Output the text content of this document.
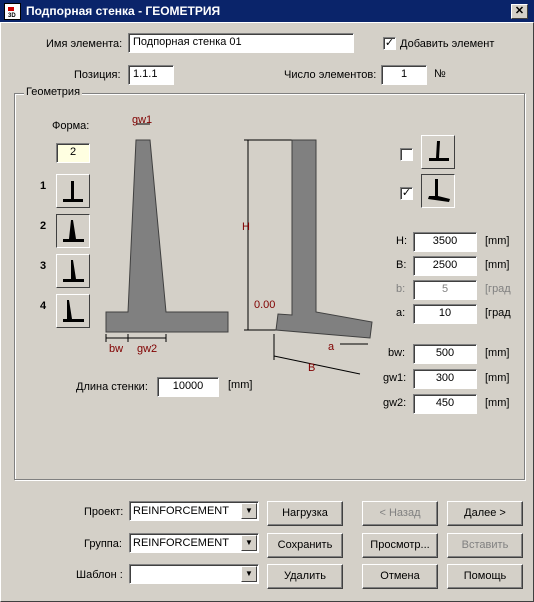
3D Подпорная стенка - ГЕОМЕТРИЯ	✕
Имя элемента: Подпорная стенка 01	✓ Добавить элемент
Позиция:	1.1.1	Число элементов:	1	№
Геометрия
Форма:
2
1
2
3
4
gw1
bw gw2
H
0.00
B
a
✓
H:	3500	[mm]
B:	2500	[mm]
b:	5	[град
a:	10	[град
bw:	500	[mm]
gw1:	300	[mm]
gw2:	450	[mm]
Длина стенки:	10000	[mm]
Проект: REINFORCEMENT	▼
Группа: REINFORCEMENT	▼
Шаблон :	▼
Нагрузка
Сохранить
Удалить
< Назад	Далее >
Просмотр...	Вставить
Отмена	Помощь
